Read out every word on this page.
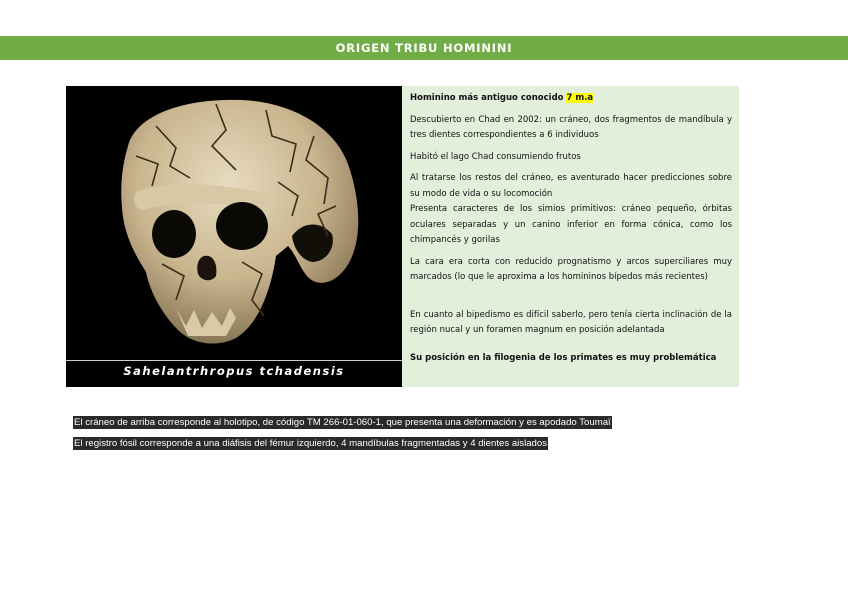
ORIGEN TRIBU HOMININI
Sahelantrhropus tchadensis

Hominino más antiguo conocido 7 m.a

Descubierto en Chad en 2002: un cráneo, dos fragmentos de mandíbula y tres dientes correspondientes a 6 individuos

Habitó el lago Chad consumiendo frutos

Al tratarse los restos del cráneo, es aventurado hacer predicciones sobre su modo de vida o su locomoción

Presenta caracteres de los simios primitivos: cráneo pequeño, órbitas oculares separadas y un canino inferior en forma cónica, como los chimpancés y gorilas

La cara era corta con reducido prognatismo y arcos superciliares muy marcados (lo que le aproxima a los homininos bípedos más recientes)

En cuanto al bipedismo es difícil saberlo, pero tenía cierta inclinación de la región nucal y un foramen magnum en posición adelantada

Su posición en la filogenia de los primates es muy problemática

El cráneo de arriba corresponde al holotipo, de código TM 266-01-060-1, que presenta una deformación y es apodado Toumaï
El registro fósil corresponde a una diáfisis del fémur izquierdo, 4 mandíbulas fragmentadas y 4 dientes aislados
